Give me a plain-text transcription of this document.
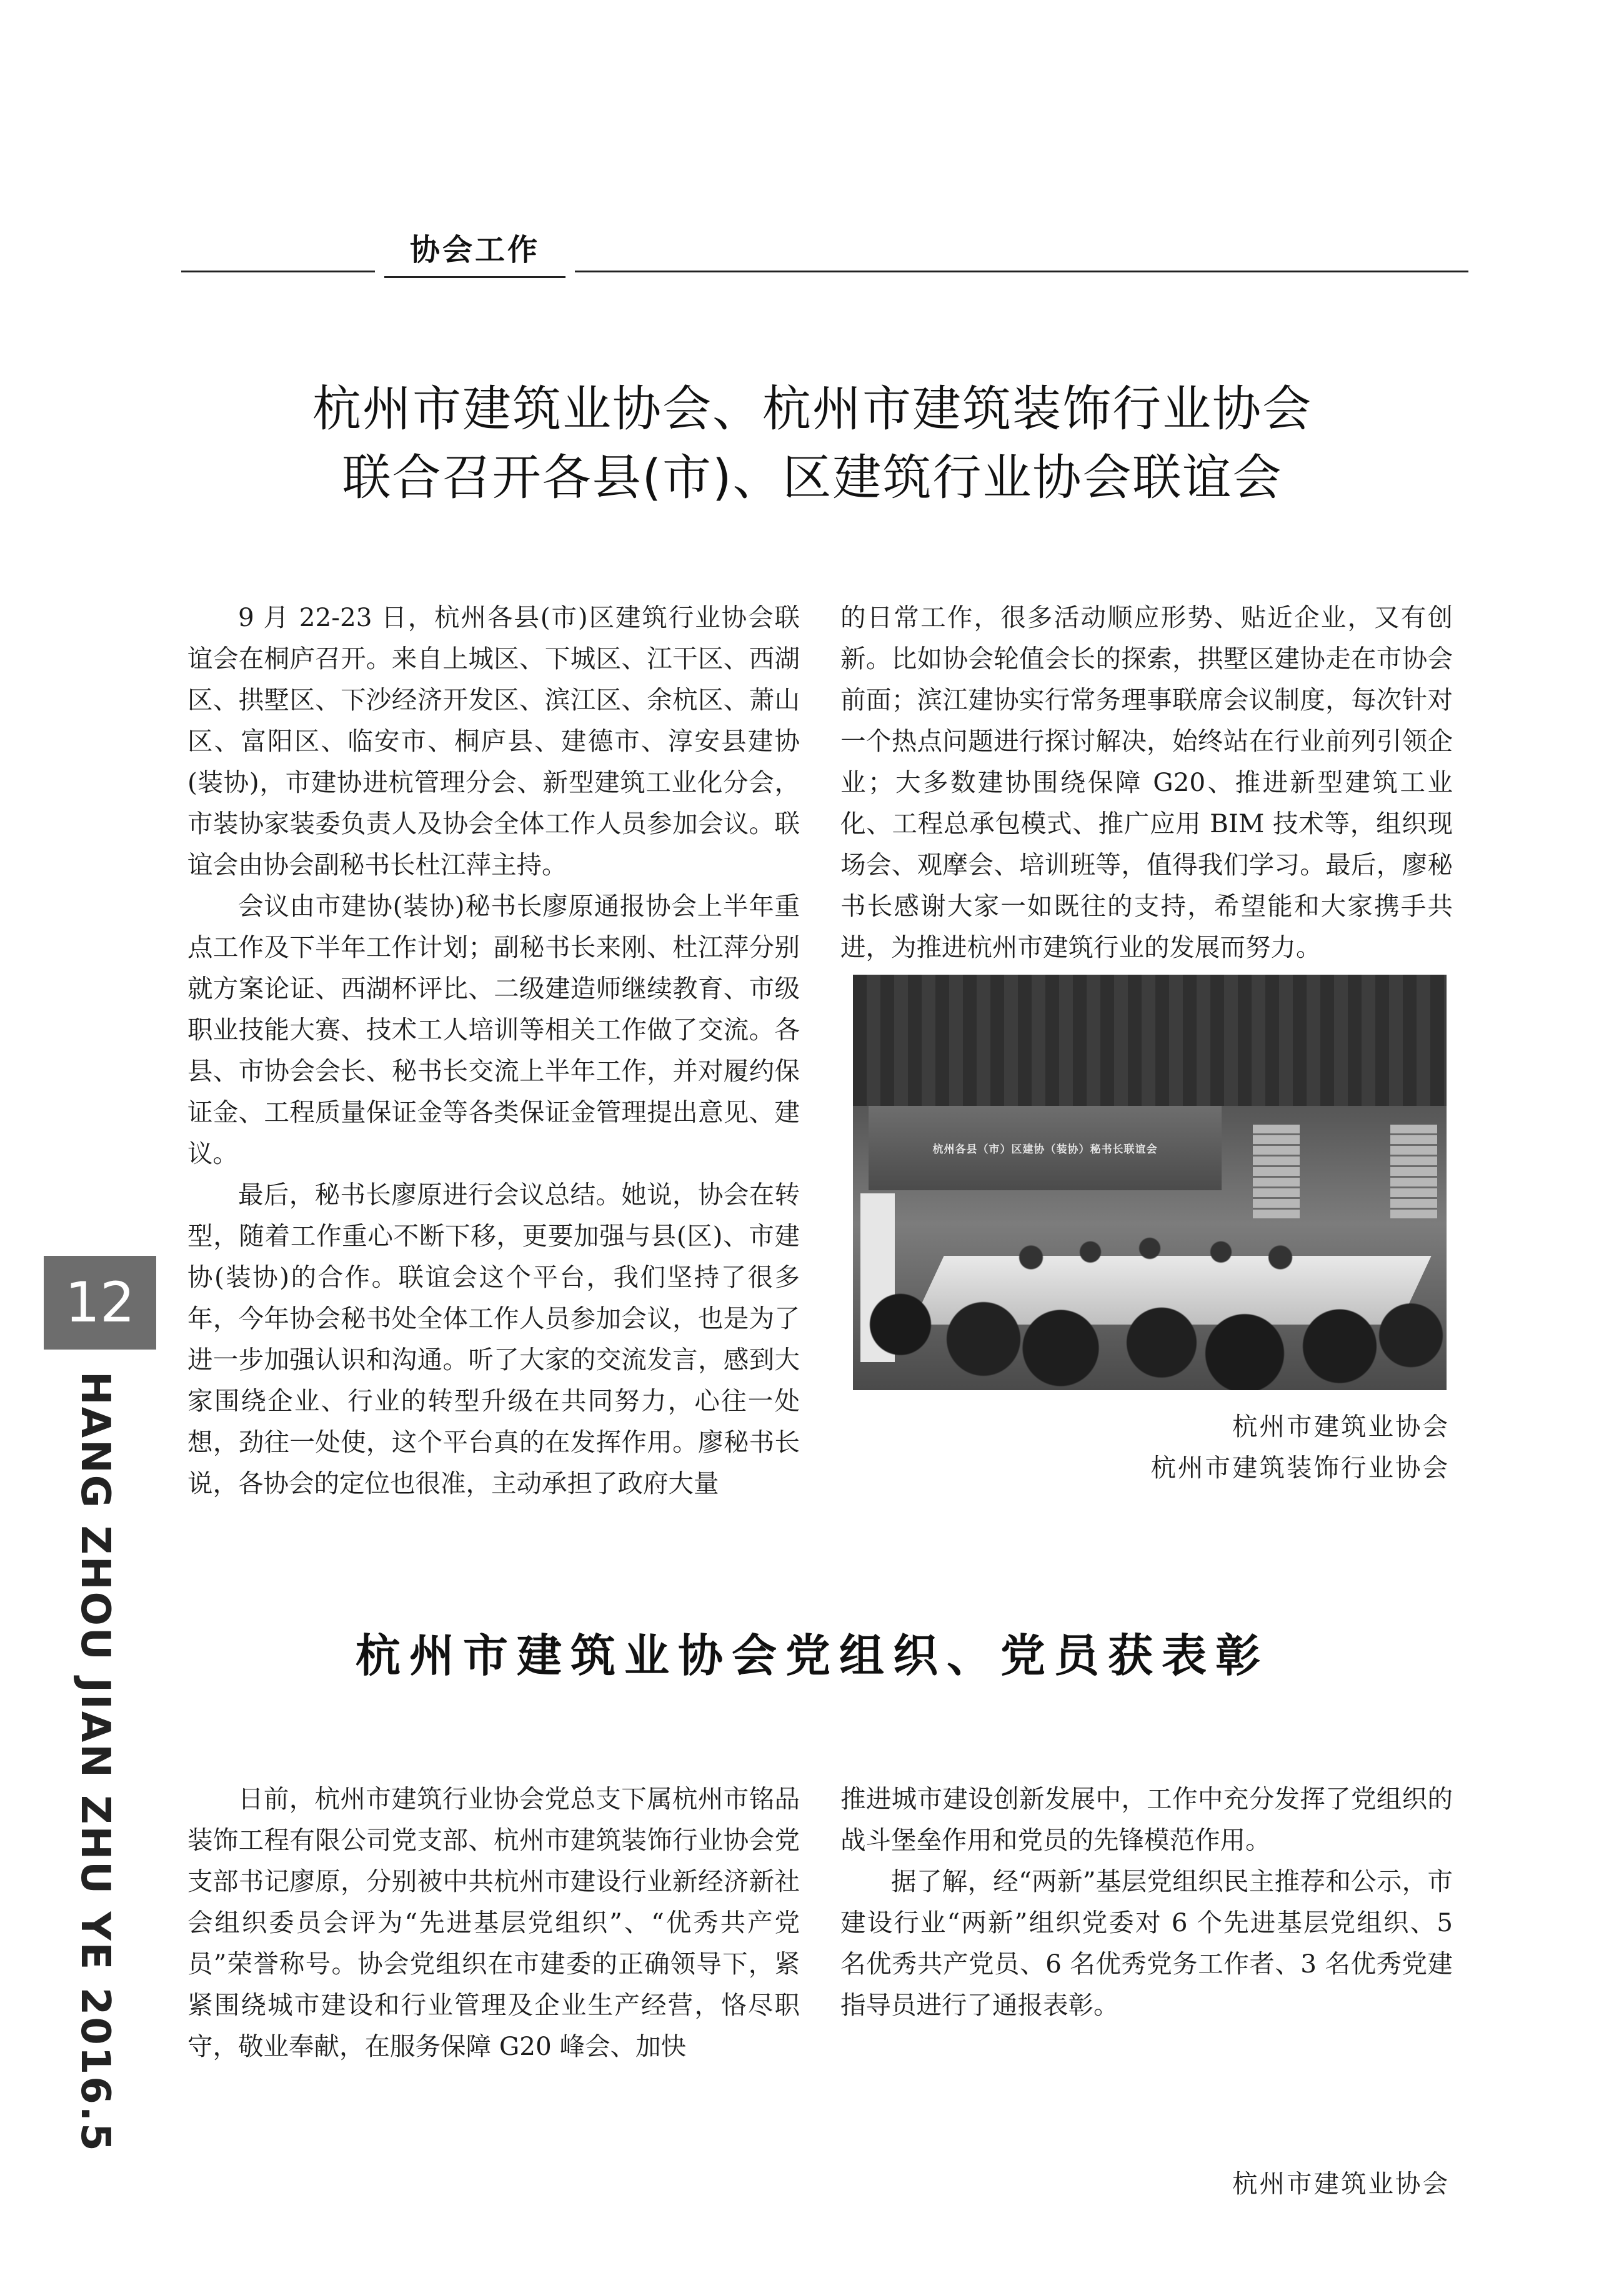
协会工作
杭州市建筑业协会、杭州市建筑装饰行业协会
联合召开各县(市)、区建筑行业协会联谊会

9 月 22-23 日，杭州各县(市)区建筑行业协会联谊会在桐庐召开。来自上城区、下城区、江干区、西湖区、拱墅区、下沙经济开发区、滨江区、余杭区、萧山区、富阳区、临安市、桐庐县、建德市、淳安县建协(装协)，市建协进杭管理分会、新型建筑工业化分会，市装协家装委负责人及协会全体工作人员参加会议。联谊会由协会副秘书长杜江萍主持。

会议由市建协(装协)秘书长廖原通报协会上半年重点工作及下半年工作计划；副秘书长来刚、杜江萍分别就方案论证、西湖杯评比、二级建造师继续教育、市级职业技能大赛、技术工人培训等相关工作做了交流。各县、市协会会长、秘书长交流上半年工作，并对履约保证金、工程质量保证金等各类保证金管理提出意见、建议。

最后，秘书长廖原进行会议总结。她说，协会在转型，随着工作重心不断下移，更要加强与县(区)、市建协(装协)的合作。联谊会这个平台，我们坚持了很多年，今年协会秘书处全体工作人员参加会议，也是为了进一步加强认识和沟通。听了大家的交流发言，感到大家围绕企业、行业的转型升级在共同努力，心往一处想，劲往一处使，这个平台真的在发挥作用。廖秘书长说，各协会的定位也很准，主动承担了政府大量

的日常工作，很多活动顺应形势、贴近企业，又有创新。比如协会轮值会长的探索，拱墅区建协走在市协会前面；滨江建协实行常务理事联席会议制度，每次针对一个热点问题进行探讨解决，始终站在行业前列引领企业；大多数建协围绕保障 G20、推进新型建筑工业化、工程总承包模式、推广应用 BIM 技术等，组织现场会、观摩会、培训班等，值得我们学习。最后，廖秘书长感谢大家一如既往的支持，希望能和大家携手共进，为推进杭州市建筑行业的发展而努力。

杭州各县（市）区建协（装协）秘书长联谊会
杭州市建筑业协会
杭州市建筑装饰行业协会
杭州市建筑业协会党组织、党员获表彰

日前，杭州市建筑行业协会党总支下属杭州市铭品装饰工程有限公司党支部、杭州市建筑装饰行业协会党支部书记廖原，分别被中共杭州市建设行业新经济新社会组织委员会评为“先进基层党组织”、“优秀共产党员”荣誉称号。协会党组织在市建委的正确领导下，紧紧围绕城市建设和行业管理及企业生产经营，恪尽职守，敬业奉献，在服务保障 G20 峰会、加快

推进城市建设创新发展中，工作中充分发挥了党组织的战斗堡垒作用和党员的先锋模范作用。

据了解，经“两新”基层党组织民主推荐和公示，市建设行业“两新”组织党委对 6 个先进基层党组织、5 名优秀共产党员、6 名优秀党务工作者、3 名优秀党建指导员进行了通报表彰。

杭州市建筑业协会
12
HANG ZHOU JIAN ZHU YE 2016.5
